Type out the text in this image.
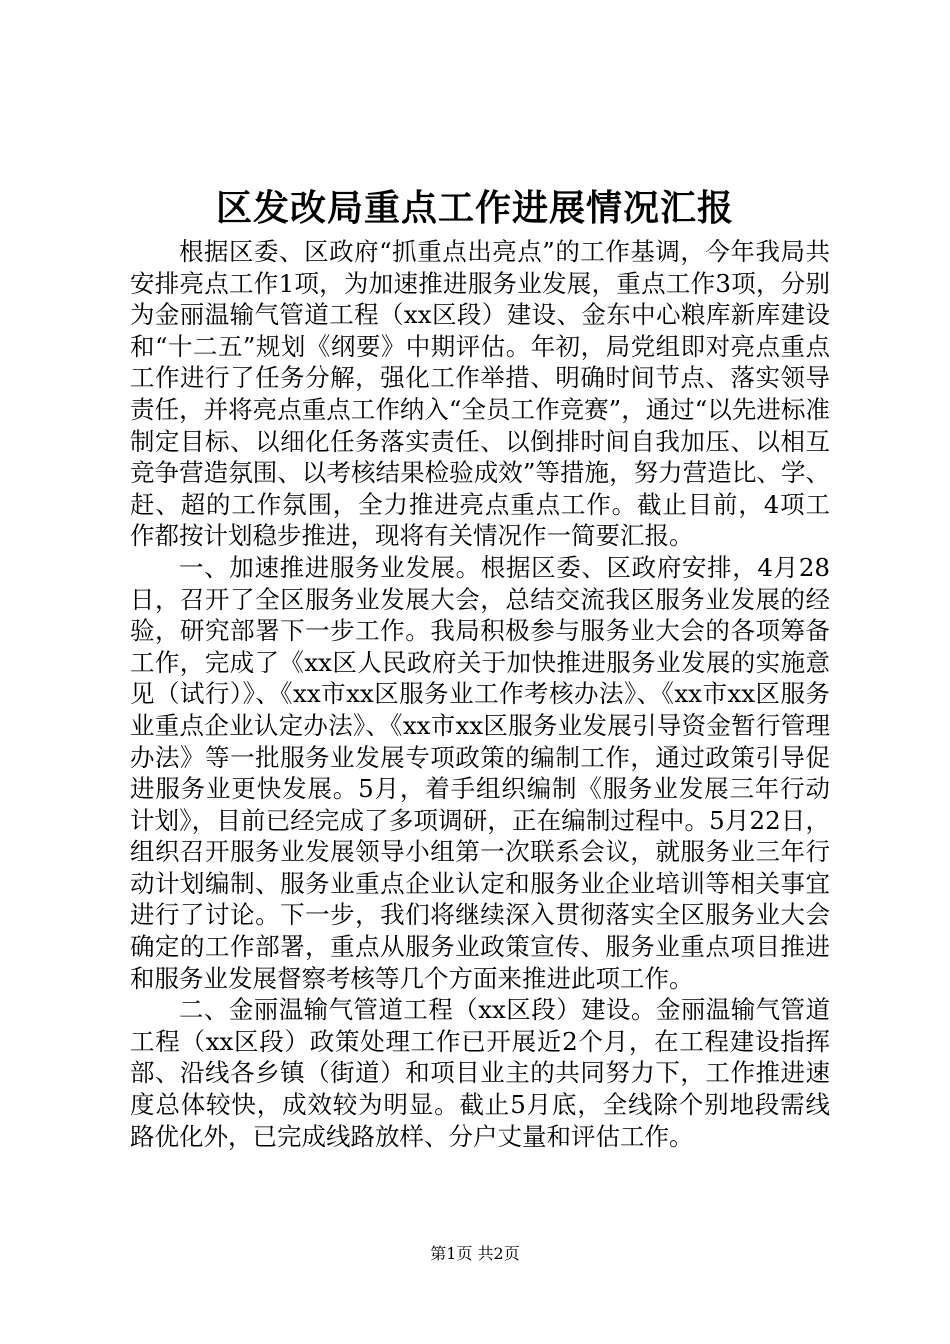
区发改局重点工作进展情况汇报

根据区委、区政府“抓重点出亮点”的工作基调，今年我局共安排亮点工作1项，为加速推进服务业发展，重点工作3项，分别为金丽温输气管道工程（xx区段）建设、金东中心粮库新库建设和“十二五”规划《纲要》中期评估。年初，局党组即对亮点重点工作进行了任务分解，强化工作举措、明确时间节点、落实领导责任，并将亮点重点工作纳入“全员工作竞赛”，通过“以先进标准制定目标、以细化任务落实责任、以倒排时间自我加压、以相互竞争营造氛围、以考核结果检验成效”等措施，努力营造比、学、赶、超的工作氛围，全力推进亮点重点工作。截止目前，4项工作都按计划稳步推进，现将有关情况作一简要汇报。

一、加速推进服务业发展。根据区委、区政府安排，4月28日，召开了全区服务业发展大会，总结交流我区服务业发展的经验，研究部署下一步工作。我局积极参与服务业大会的各项筹备工作，完成了《xx区人民政府关于加快推进服务业发展的实施意见（试行）》、《xx市xx区服务业工作考核办法》、《xx市xx区服务业重点企业认定办法》、《xx市xx区服务业发展引导资金暂行管理办法》等一批服务业发展专项政策的编制工作，通过政策引导促进服务业更快发展。5月，着手组织编制《服务业发展三年行动计划》，目前已经完成了多项调研，正在编制过程中。5月22日，组织召开服务业发展领导小组第一次联系会议，就服务业三年行动计划编制、服务业重点企业认定和服务业企业培训等相关事宜进行了讨论。下一步，我们将继续深入贯彻落实全区服务业大会确定的工作部署，重点从服务业政策宣传、服务业重点项目推进和服务业发展督察考核等几个方面来推进此项工作。

二、金丽温输气管道工程（xx区段）建设。金丽温输气管道工程（xx区段）政策处理工作已开展近2个月，在工程建设指挥部、沿线各乡镇（街道）和项目业主的共同努力下，工作推进速度总体较快，成效较为明显。截止5月底，全线除个别地段需线路优化外，已完成线路放样、分户丈量和评估工作。

第1页 共2页
